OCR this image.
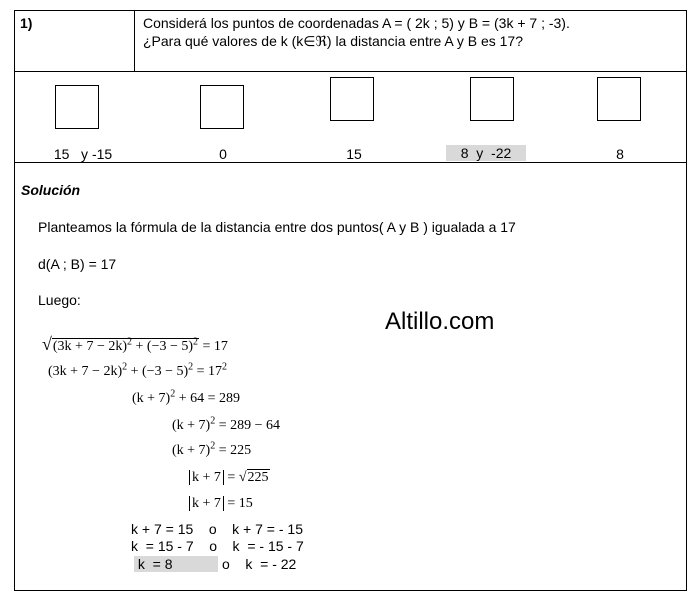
1)	Considerá los puntos de coordenadas A = ( 2k ; 5) y B = (3k + 7 ; -3).
¿Para qué valores de k (k∈ℜ) la distancia entre A y B es 17?
15   y -15	0	15	8  y  -22	8
Solución
Planteamos la fórmula de la distancia entre dos puntos( A y B ) igualada a 17
d(A ; B) = 17
Luego:
Altillo.com
$√(3k + 7 - 2k)^2 + (-3 - 5)^2 = 17$
$(3k + 7 - 2k)^2 + (-3 - 5)^2 = 17^2$
$(k + 7)^2 + 64 = 289$
$(k + 7)^2 = 289 - 64$
$(k + 7)^2 = 225$
k + 7 = √225
k + 7 = 15
k + 7 = 15    o    k + 7 = - 15
k  = 15 - 7    o    k  = - 15 - 7
k  = 8	o    k  = - 22
